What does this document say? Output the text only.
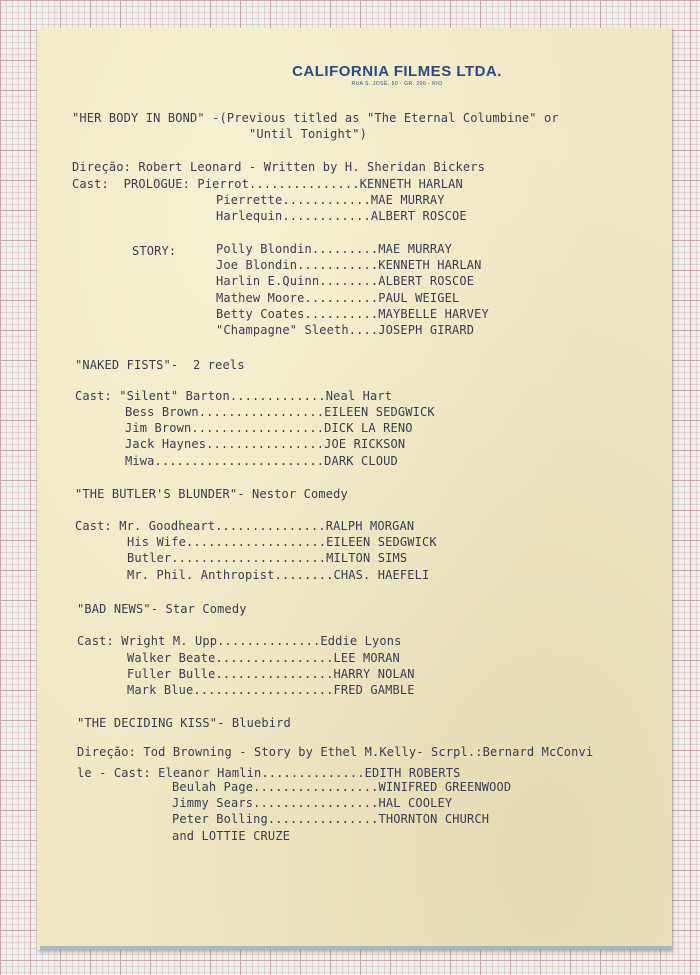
CALIFORNIA FILMES LTDA.
RUA S. JOSÉ, 50 - GR. 200 - RIO
"HER BODY IN BOND" -(Previous titled as "The Eternal Columbine" or
"Until Tonight")
Direção: Robert Leonard - Written by H. Sheridan Bickers
Cast:  PROLOGUE: Pierrot...............KENNETH HARLAN
Pierrette............MAE MURRAY
Harlequin............ALBERT ROSCOE
STORY:	Polly Blondin.........MAE MURRAY
Joe Blondin...........KENNETH HARLAN
Harlin E.Quinn........ALBERT ROSCOE
Mathew Moore..........PAUL WEIGEL
Betty Coates..........MAYBELLE HARVEY
"Champagne" Sleeth....JOSEPH GIRARD
"NAKED FISTS"-  2 reels
Cast: "Silent" Barton.............Neal Hart
Bess Brown.................EILEEN SEDGWICK
Jim Brown..................DICK LA RENO
Jack Haynes................JOE RICKSON
Miwa.......................DARK CLOUD
"THE BUTLER'S BLUNDER"- Nestor Comedy
Cast: Mr. Goodheart...............RALPH MORGAN
His Wife...................EILEEN SEDGWICK
Butler.....................MILTON SIMS
Mr. Phil. Anthropist........CHAS. HAEFELI
"BAD NEWS"- Star Comedy
Cast: Wright M. Upp..............Eddie Lyons
Walker Beate................LEE MORAN
Fuller Bulle................HARRY NOLAN
Mark Blue...................FRED GAMBLE
"THE DECIDING KISS"- Bluebird
Direção: Tod Browning - Story by Ethel M.Kelly- Scrpl.:Bernard McConvi
le - Cast: Eleanor Hamlin..............EDITH ROBERTS
Beulah Page.................WINIFRED GREENWOOD
Jimmy Sears.................HAL COOLEY
Peter Bolling...............THORNTON CHURCH
and LOTTIE CRUZE
